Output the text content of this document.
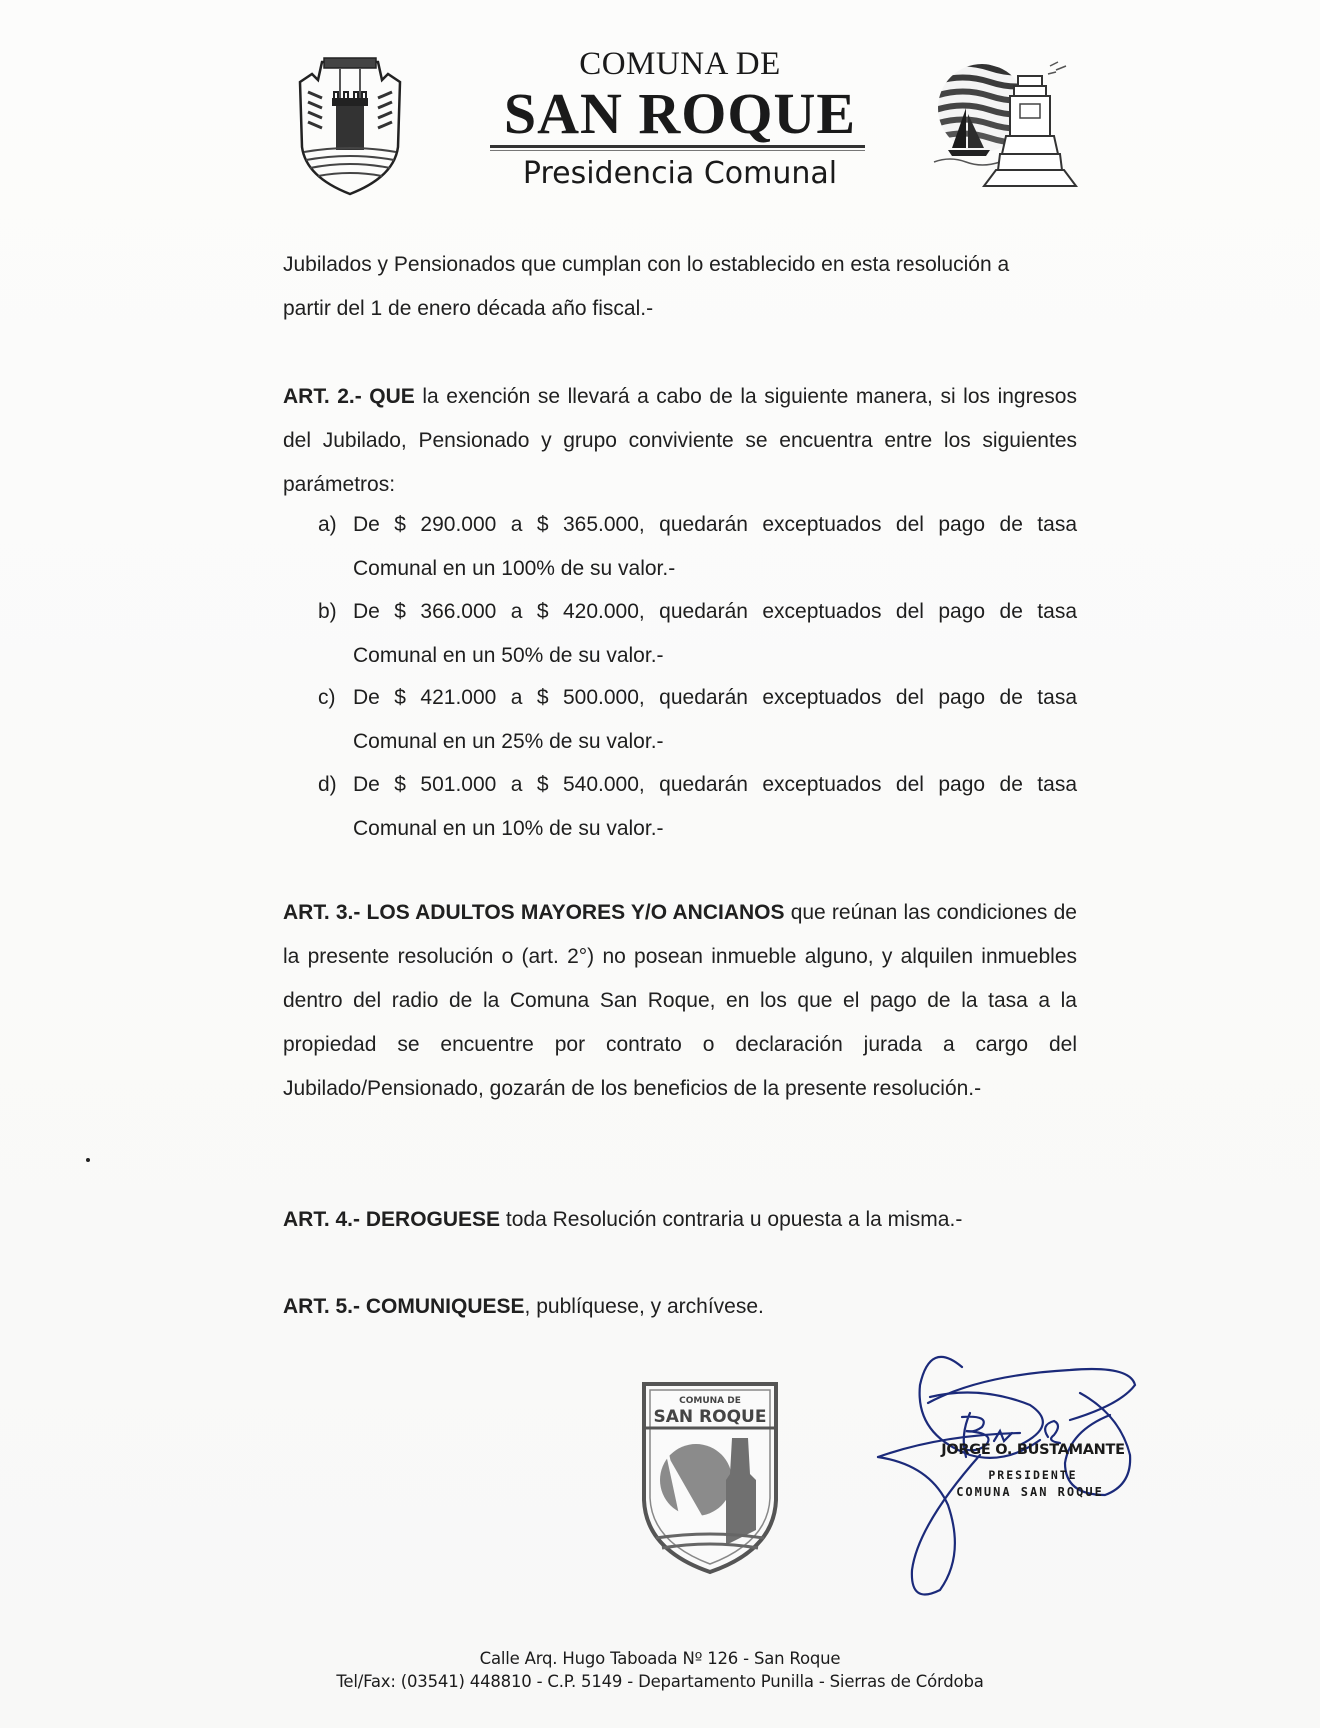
COMUNA DE
SAN ROQUE
Presidencia Comunal
Jubilados y Pensionados que cumplan con lo establecido en esta resolución a
partir del 1 de enero década año fiscal.-
ART. 2.- QUE la exención se llevará a cabo de la siguiente manera, si los ingresos del Jubilado, Pensionado y grupo conviviente se encuentra entre los siguientes parámetros:
a) De $ 290.000 a $ 365.000, quedarán exceptuados del pago de tasa
Comunal en un 100% de su valor.-
b) De $ 366.000 a $ 420.000, quedarán exceptuados del pago de tasa
Comunal en un 50% de su valor.-
c) De $ 421.000 a $ 500.000, quedarán exceptuados del pago de tasa
Comunal en un 25% de su valor.-
d) De $ 501.000 a $ 540.000, quedarán exceptuados del pago de tasa
Comunal en un 10% de su valor.-
ART. 3.- LOS ADULTOS MAYORES Y/O ANCIANOS que reúnan las condiciones de la presente resolución o (art. 2°) no posean inmueble alguno, y alquilen inmuebles dentro del radio de la Comuna San Roque, en los que el pago de la tasa a la propiedad se encuentre por contrato o declaración jurada a cargo del Jubilado/Pensionado, gozarán de los beneficios de la presente resolución.-
ART. 4.- DEROGUESE toda Resolución contraria u opuesta a la misma.-
ART. 5.- COMUNIQUESE, publíquese, y archívese.
COMUNA DE
SAN ROQUE
JORGE O. BUSTAMANTE
PRESIDENTE
COMUNA SAN ROQUE
Calle Arq. Hugo Taboada Nº 126 - San Roque
Tel/Fax: (03541) 448810 - C.P. 5149 - Departamento Punilla - Sierras de Córdoba
